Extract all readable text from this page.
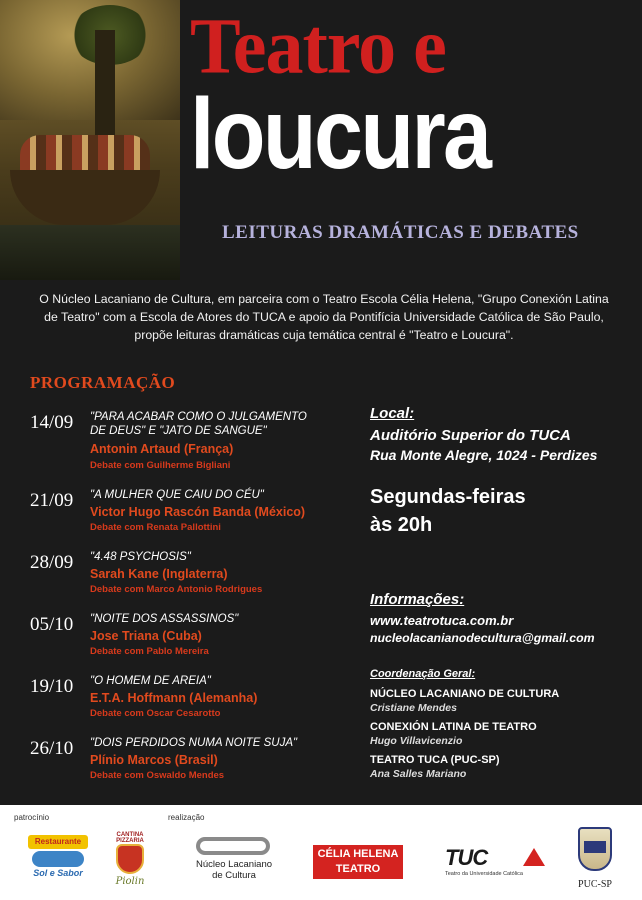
Teatro e
loucura
LEITURAS DRAMÁTICAS E DEBATES
O Núcleo Lacaniano de Cultura, em parceira com o Teatro Escola Célia Helena, "Grupo Conexión Latina
de Teatro" com a Escola de Atores do TUCA e apoio da Pontifícia Universidade Católica de São Paulo,
propõe leituras dramáticas cuja temática central é "Teatro e Loucura".
PROGRAMAÇÃO
14/09 "PARA ACABAR COMO O JULGAMENTO
DE DEUS" E "JATO DE SANGUE"
Antonin Artaud (França)
Debate com Guilherme Bigliani
21/09 "A MULHER QUE CAIU DO CÉU"
Victor Hugo Rascón Banda (México)
Debate com Renata Pallottini
28/09 "4.48 PSYCHOSIS"
Sarah Kane (Inglaterra)
Debate com Marco Antonio Rodrigues
05/10 "NOITE DOS ASSASSINOS"
Jose Triana (Cuba)
Debate com Pablo Mereira
19/10 "O HOMEM DE AREIA"
E.T.A. Hoffmann (Alemanha)
Debate com Oscar Cesarotto
26/10 "DOIS PERDIDOS NUMA NOITE SUJA"
Plínio Marcos (Brasil)
Debate com Oswaldo Mendes
Local:
Auditório Superior do TUCA
Rua Monte Alegre, 1024 - Perdizes
Segundas-feiras
às 20h
Informações:
www.teatrotuca.com.br
nucleolacanianodecultura@gmail.com
Coordenação Geral:
NÚCLEO LACANIANO DE CULTURA
Cristiane Mendes
CONEXIÓN LATINA DE TEATRO
Hugo Villavicenzio
TEATRO TUCA (PUC-SP)
Ana Salles Mariano
patrocínio	realização
Restaurante
Sol e Sabor
CANTINA PIZZARIA
Piolin
Núcleo Lacaniano
de Cultura
CÉLIA HELENA
TEATRO ESCOLA
TUC
Teatro da Universidade Católica
PUC-SP
